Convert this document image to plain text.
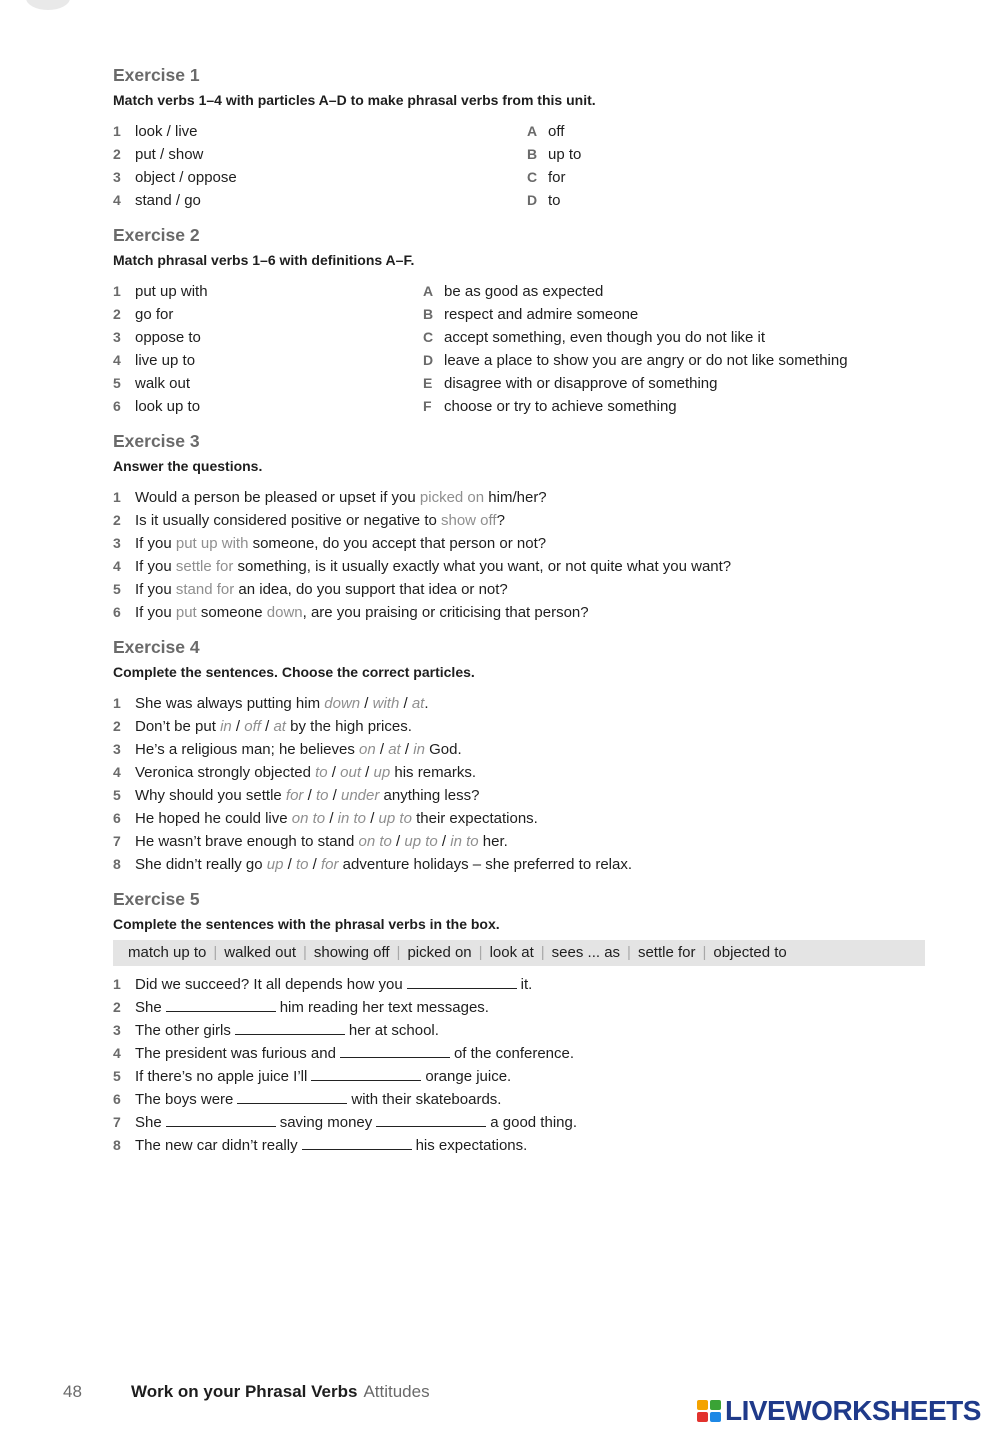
Exercise 1
Match verbs 1–4 with particles A–D to make phrasal verbs from this unit.
1 look / live	A off
2 put / show	B up to
3 object / oppose	C for
4 stand / go	D to
Exercise 2
Match phrasal verbs 1–6 with definitions A–F.
1 put up with	A be as good as expected
2 go for	B respect and admire someone
3 oppose to	C accept something, even though you do not like it
4 live up to	D leave a place to show you are angry or do not like something
5 walk out	E disagree with or disapprove of something
6 look up to	F choose or try to achieve something
Exercise 3
Answer the questions.
1 Would a person be pleased or upset if you picked on him/her?
2 Is it usually considered positive or negative to show off?
3 If you put up with someone, do you accept that person or not?
4 If you settle for something, is it usually exactly what you want, or not quite what you want?
5 If you stand for an idea, do you support that idea or not?
6 If you put someone down, are you praising or criticising that person?
Exercise 4
Complete the sentences. Choose the correct particles.
1 She was always putting him down / with / at.
2 Don’t be put in / off / at by the high prices.
3 He’s a religious man; he believes on / at / in God.
4 Veronica strongly objected to / out / up his remarks.
5 Why should you settle for / to / under anything less?
6 He hoped he could live on to / in to / up to their expectations.
7 He wasn’t brave enough to stand on to / up to / in to her.
8 She didn’t really go up / to / for adventure holidays – she preferred to relax.
Exercise 5
Complete the sentences with the phrasal verbs in the box.
match up to | walked out | showing off | picked on | look at | sees ... as | settle for | objected to
1 Did we succeed? It all depends how you	it.
2 She	him reading her text messages.
3 The other girls	her at school.
4 The president was furious and	of the conference.
5 If there’s no apple juice I’ll	orange juice.
6 The boys were	with their skateboards.
7 She	saving money	a good thing.
8 The new car didn’t really	his expectations.
48	Work on your Phrasal Verbs Attitudes
LIVEWORKSHEETS
